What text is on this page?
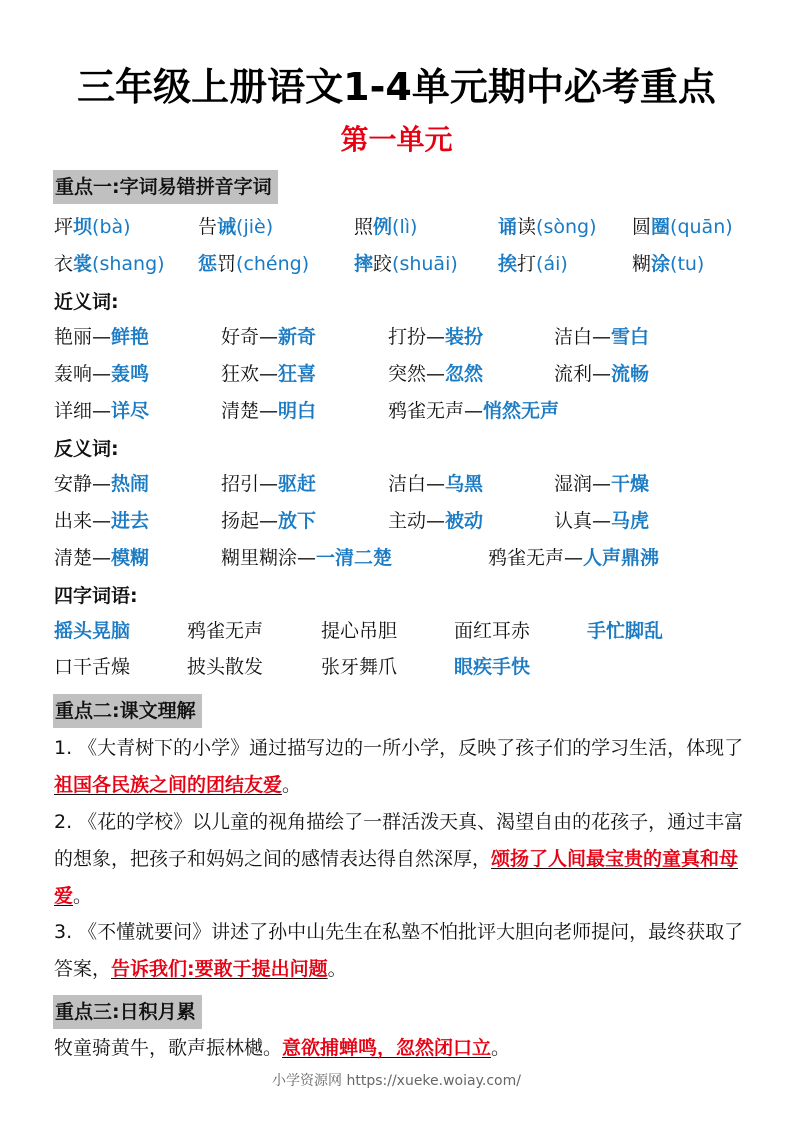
三年级上册语文1-4单元期中必考重点
第一单元
重点一:字词易错拼音字词
坪坝(bà)	告诫(jiè)	照例(lì)	诵读(sòng) 圆圈(quān)
衣裳(shang) 惩罚(chéng) 摔跤(shuāi) 挨打(ái)	糊涂(tu)
近义词:
艳丽—鲜艳	好奇—新奇	打扮—装扮	洁白—雪白
轰响—轰鸣	狂欢—狂喜	突然—忽然	流利—流畅
详细—详尽	清楚—明白	鸦雀无声—悄然无声
反义词:
安静—热闹	招引—驱赶	洁白—乌黑	湿润—干燥
出来—进去	扬起—放下	主动—被动	认真—马虎
清楚—模糊	糊里糊涂—一清二楚	鸦雀无声—人声鼎沸
四字词语:
摇头晃脑	鸦雀无声	提心吊胆	面红耳赤	手忙脚乱
口干舌燥	披头散发	张牙舞爪	眼疾手快
重点二:课文理解
1. 《大青树下的小学》通过描写边的一所小学，反映了孩子们的学习生活，体现了祖国各民族之间的团结友爱。
2. 《花的学校》以儿童的视角描绘了一群活泼天真、渴望自由的花孩子，通过丰富的想象，把孩子和妈妈之间的感情表达得自然深厚，颂扬了人间最宝贵的童真和母爱。
3. 《不懂就要问》讲述了孙中山先生在私塾不怕批评大胆向老师提问，最终获取了答案，告诉我们:要敢于提出问题。
重点三:日积月累
牧童骑黄牛，歌声振林樾。意欲捕蝉鸣，忽然闭口立。
小学资源网 https://xueke.woiay.com/
